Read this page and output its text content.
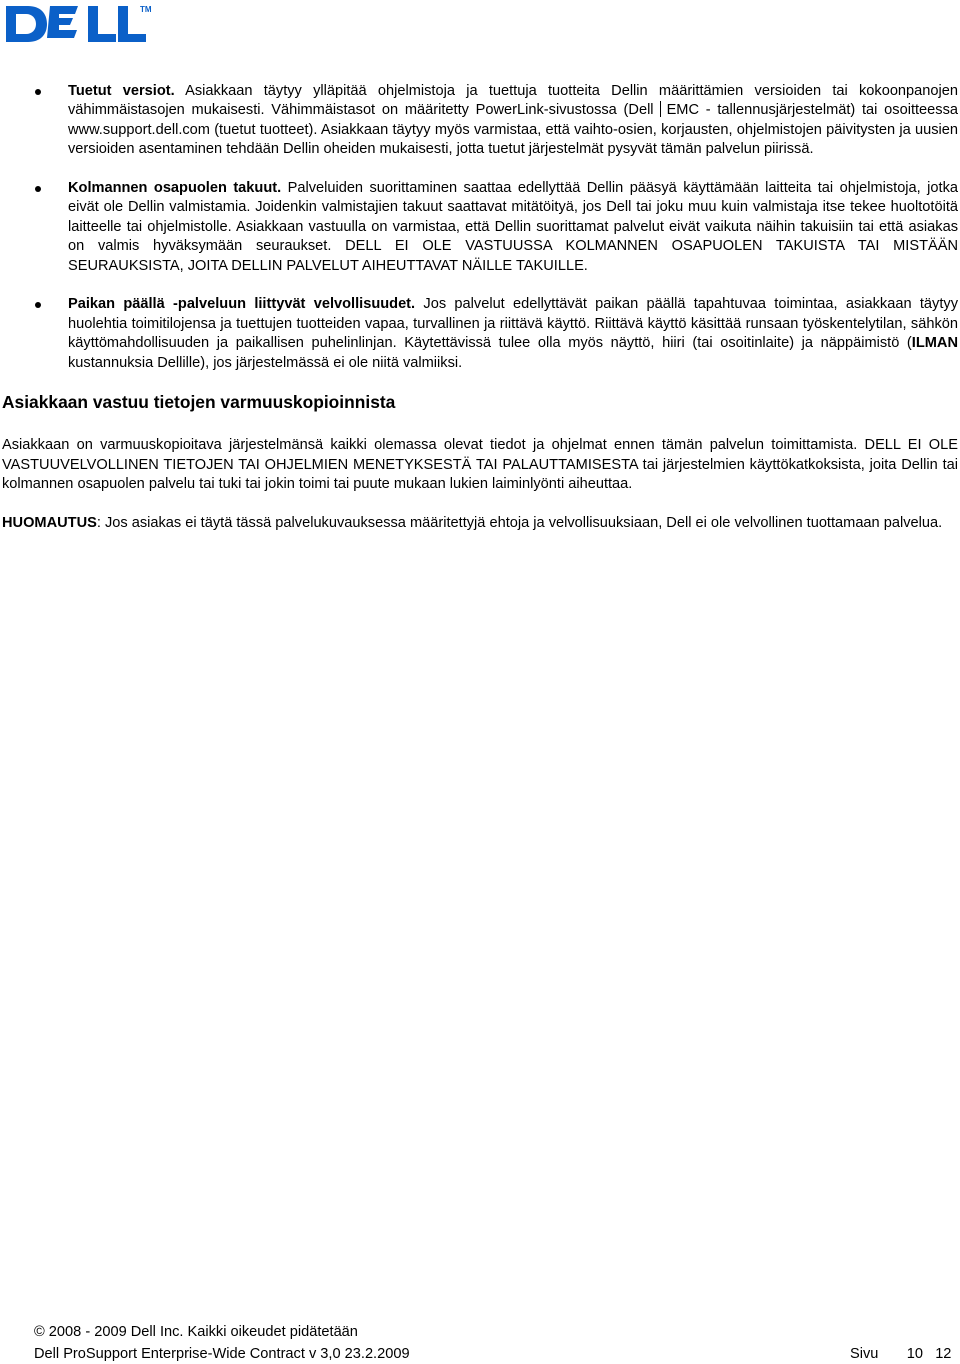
TM
Tuetut versiot. Asiakkaan täytyy ylläpitää ohjelmistoja ja tuettuja tuotteita Dellin määrittämien versioiden tai kokoonpanojen vähimmäistasojen mukaisesti. Vähimmäistasot on määritetty PowerLink-sivustossa (Dell EMC - tallennusjärjestelmät) tai osoitteessa www.support.dell.com (tuetut tuotteet). Asiakkaan täytyy myös varmistaa, että vaihto-osien, korjausten, ohjelmistojen päivitysten ja uusien versioiden asentaminen tehdään Dellin oheiden mukaisesti, jotta tuetut järjestelmät pysyvät tämän palvelun piirissä.
Kolmannen osapuolen takuut. Palveluiden suorittaminen saattaa edellyttää Dellin pääsyä käyttämään laitteita tai ohjelmistoja, jotka eivät ole Dellin valmistamia. Joidenkin valmistajien takuut saattavat mitätöityä, jos Dell tai joku muu kuin valmistaja itse tekee huoltotöitä laitteelle tai ohjelmistolle. Asiakkaan vastuulla on varmistaa, että Dellin suorittamat palvelut eivät vaikuta näihin takuisiin tai että asiakas on valmis hyväksymään seuraukset. DELL EI OLE VASTUUSSA KOLMANNEN OSAPUOLEN TAKUISTA TAI MISTÄÄN SEURAUKSISTA, JOITA DELLIN PALVELUT AIHEUTTAVAT NÄILLE TAKUILLE.
Paikan päällä -palveluun liittyvät velvollisuudet. Jos palvelut edellyttävät paikan päällä tapahtuvaa toimintaa, asiakkaan täytyy huolehtia toimitilojensa ja tuettujen tuotteiden vapaa, turvallinen ja riittävä käyttö. Riittävä käyttö käsittää runsaan työskentelytilan, sähkön käyttömahdollisuuden ja paikallisen puhelinlinjan. Käytettävissä tulee olla myös näyttö, hiiri (tai osoitinlaite) ja näppäimistö (ILMAN kustannuksia Dellille), jos järjestelmässä ei ole niitä valmiiksi.
Asiakkaan vastuu tietojen varmuuskopioinnista

Asiakkaan on varmuuskopioitava järjestelmänsä kaikki olemassa olevat tiedot ja ohjelmat ennen tämän palvelun toimittamista. DELL EI OLE VASTUUVELVOLLINEN TIETOJEN TAI OHJELMIEN MENETYKSESTÄ TAI PALAUTTAMISESTA tai järjestelmien käyttökatkoksista, joita Dellin tai kolmannen osapuolen palvelu tai tuki tai jokin toimi tai puute mukaan lukien laiminlyönti aiheuttaa.

HUOMAUTUS: Jos asiakas ei täytä tässä palvelukuvauksessa määritettyjä ehtoja ja velvollisuuksiaan, Dell ei ole velvollinen tuottamaan palvelua.

© 2008 - 2009 Dell Inc. Kaikki oikeudet pidätetään
Dell ProSupport Enterprise-Wide Contract v 3,0 23.2.2009	Sivu 10 12
